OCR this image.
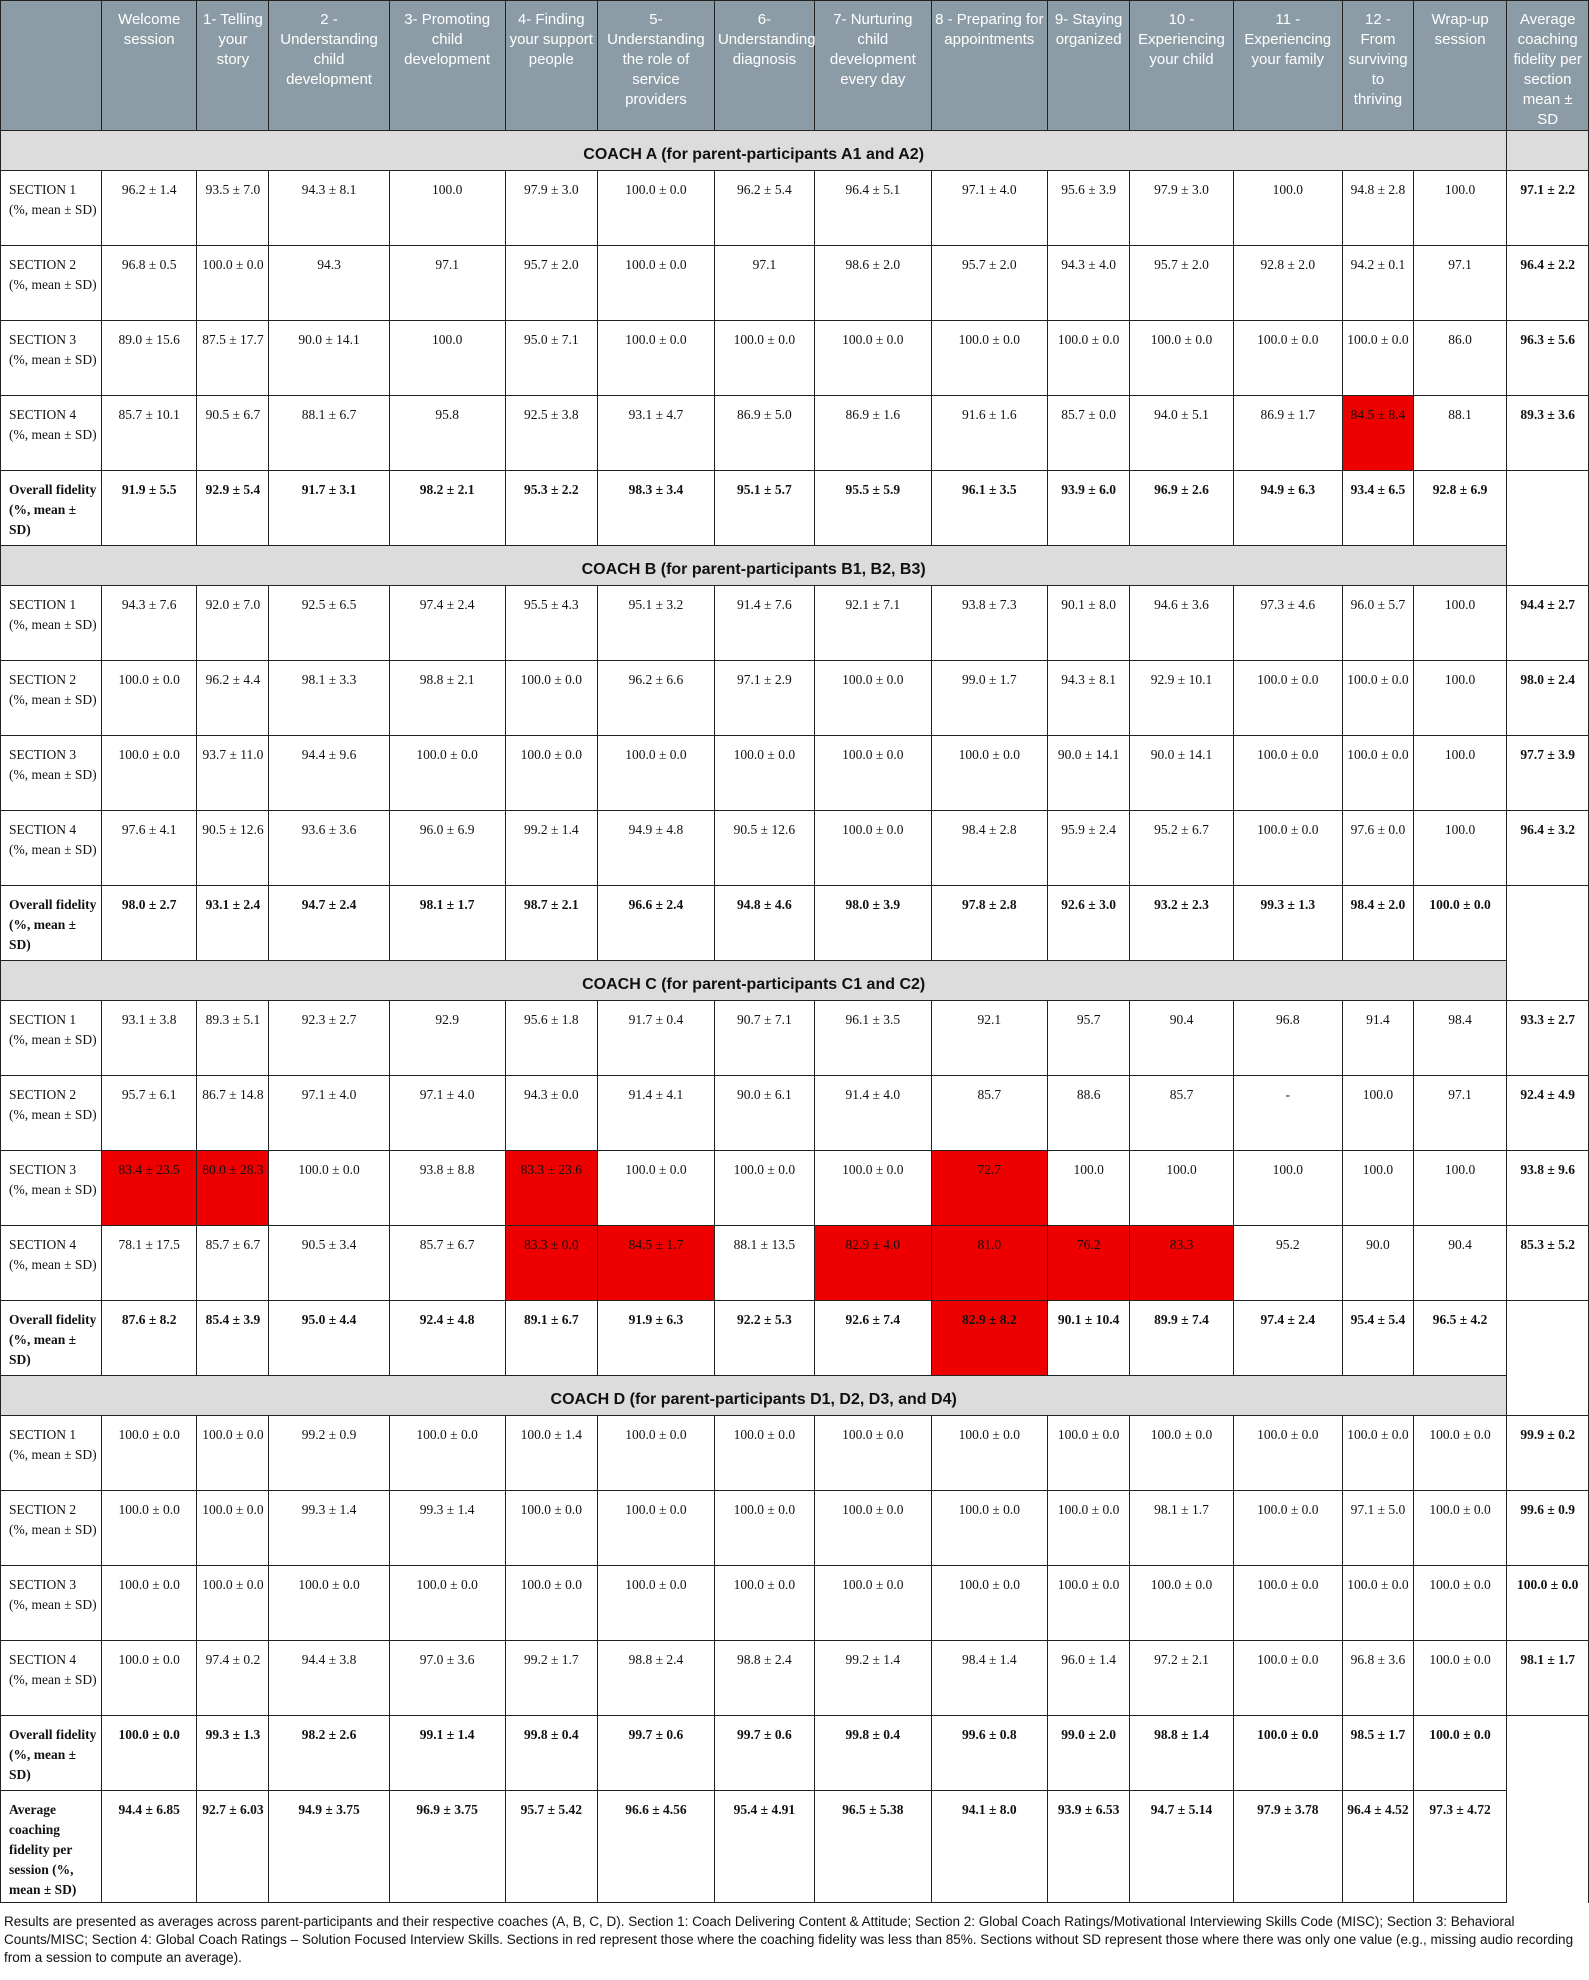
	Welcome session	1- Telling your story	2 - Understanding child development	3- Promoting child development	4- Finding your support people	5- Understanding the role of service providers	6- Understanding diagnosis	7- Nurturing child development every day	8 - Preparing for appointments	9- Staying organized	10 - Experiencing your child	11 - Experiencing your family	12 - From surviving to thriving	Wrap-up session	Average coaching fidelity per section mean ± SD
COACH A (for parent-participants A1 and A2)															
SECTION 1 (%, mean ± SD)	96.2 ± 1.4	93.5 ± 7.0	94.3 ± 8.1	100.0	97.9 ± 3.0	100.0 ± 0.0	96.2 ± 5.4	96.4 ± 5.1	97.1 ± 4.0	95.6 ± 3.9	97.9 ± 3.0	100.0	94.8 ± 2.8	100.0	97.1 ± 2.2
SECTION 2 (%, mean ± SD)	96.8 ± 0.5	100.0 ± 0.0	94.3	97.1	95.7 ± 2.0	100.0 ± 0.0	97.1	98.6 ± 2.0	95.7 ± 2.0	94.3 ± 4.0	95.7 ± 2.0	92.8 ± 2.0	94.2 ± 0.1	97.1	96.4 ± 2.2
SECTION 3 (%, mean ± SD)	89.0 ± 15.6	87.5 ± 17.7	90.0 ± 14.1	100.0	95.0 ± 7.1	100.0 ± 0.0	100.0 ± 0.0	100.0 ± 0.0	100.0 ± 0.0	100.0 ± 0.0	100.0 ± 0.0	100.0 ± 0.0	100.0 ± 0.0	86.0	96.3 ± 5.6
SECTION 4 (%, mean ± SD)	85.7 ± 10.1	90.5 ± 6.7	88.1 ± 6.7	95.8	92.5 ± 3.8	93.1 ± 4.7	86.9 ± 5.0	86.9 ± 1.6	91.6 ± 1.6	85.7 ± 0.0	94.0 ± 5.1	86.9 ± 1.7	84.5 ± 8.4	88.1	89.3 ± 3.6
Overall fidelity (%, mean ± SD)	91.9 ± 5.5	92.9 ± 5.4	91.7 ± 3.1	98.2 ± 2.1	95.3 ± 2.2	98.3 ± 3.4	95.1 ± 5.7	95.5 ± 5.9	96.1 ± 3.5	93.9 ± 6.0	96.9 ± 2.6	94.9 ± 6.3	93.4 ± 6.5	92.8 ± 6.9	
COACH B (for parent-participants B1, B2, B3)															
SECTION 1 (%, mean ± SD)	94.3 ± 7.6	92.0 ± 7.0	92.5 ± 6.5	97.4 ± 2.4	95.5 ± 4.3	95.1 ± 3.2	91.4 ± 7.6	92.1 ± 7.1	93.8 ± 7.3	90.1 ± 8.0	94.6 ± 3.6	97.3 ± 4.6	96.0 ± 5.7	100.0	94.4 ± 2.7
SECTION 2 (%, mean ± SD)	100.0 ± 0.0	96.2 ± 4.4	98.1 ± 3.3	98.8 ± 2.1	100.0 ± 0.0	96.2 ± 6.6	97.1 ± 2.9	100.0 ± 0.0	99.0 ± 1.7	94.3 ± 8.1	92.9 ± 10.1	100.0 ± 0.0	100.0 ± 0.0	100.0	98.0 ± 2.4
SECTION 3 (%, mean ± SD)	100.0 ± 0.0	93.7 ± 11.0	94.4 ± 9.6	100.0 ± 0.0	100.0 ± 0.0	100.0 ± 0.0	100.0 ± 0.0	100.0 ± 0.0	100.0 ± 0.0	90.0 ± 14.1	90.0 ± 14.1	100.0 ± 0.0	100.0 ± 0.0	100.0	97.7 ± 3.9
SECTION 4 (%, mean ± SD)	97.6 ± 4.1	90.5 ± 12.6	93.6 ± 3.6	96.0 ± 6.9	99.2 ± 1.4	94.9 ± 4.8	90.5 ± 12.6	100.0 ± 0.0	98.4 ± 2.8	95.9 ± 2.4	95.2 ± 6.7	100.0 ± 0.0	97.6 ± 0.0	100.0	96.4 ± 3.2
Overall fidelity (%, mean ± SD)	98.0 ± 2.7	93.1 ± 2.4	94.7 ± 2.4	98.1 ± 1.7	98.7 ± 2.1	96.6 ± 2.4	94.8 ± 4.6	98.0 ± 3.9	97.8 ± 2.8	92.6 ± 3.0	93.2 ± 2.3	99.3 ± 1.3	98.4 ± 2.0	100.0 ± 0.0	
COACH C (for parent-participants C1 and C2)															
SECTION 1 (%, mean ± SD)	93.1 ± 3.8	89.3 ± 5.1	92.3 ± 2.7	92.9	95.6 ± 1.8	91.7 ± 0.4	90.7 ± 7.1	96.1 ± 3.5	92.1	95.7	90.4	96.8	91.4	98.4	93.3 ± 2.7
SECTION 2 (%, mean ± SD)	95.7 ± 6.1	86.7 ± 14.8	97.1 ± 4.0	97.1 ± 4.0	94.3 ± 0.0	91.4 ± 4.1	90.0 ± 6.1	91.4 ± 4.0	85.7	88.6	85.7	-	100.0	97.1	92.4 ± 4.9
SECTION 3 (%, mean ± SD)	83.4 ± 23.5	80.0 ± 28.3	100.0 ± 0.0	93.8 ± 8.8	83.3 ± 23.6	100.0 ± 0.0	100.0 ± 0.0	100.0 ± 0.0	72.7	100.0	100.0	100.0	100.0	100.0	93.8 ± 9.6
SECTION 4 (%, mean ± SD)	78.1 ± 17.5	85.7 ± 6.7	90.5 ± 3.4	85.7 ± 6.7	83.3 ± 0.0	84.5 ± 1.7	88.1 ± 13.5	82.9 ± 4.0	81.0	76.2	83.3	95.2	90.0	90.4	85.3 ± 5.2
Overall fidelity (%, mean ± SD)	87.6 ± 8.2	85.4 ± 3.9	95.0 ± 4.4	92.4 ± 4.8	89.1 ± 6.7	91.9 ± 6.3	92.2 ± 5.3	92.6 ± 7.4	82.9 ± 8.2	90.1 ± 10.4	89.9 ± 7.4	97.4 ± 2.4	95.4 ± 5.4	96.5 ± 4.2	
COACH D (for parent-participants D1, D2, D3, and D4)															
SECTION 1 (%, mean ± SD)	100.0 ± 0.0	100.0 ± 0.0	99.2 ± 0.9	100.0 ± 0.0	100.0 ± 1.4	100.0 ± 0.0	100.0 ± 0.0	100.0 ± 0.0	100.0 ± 0.0	100.0 ± 0.0	100.0 ± 0.0	100.0 ± 0.0	100.0 ± 0.0	100.0 ± 0.0	99.9 ± 0.2
SECTION 2 (%, mean ± SD)	100.0 ± 0.0	100.0 ± 0.0	99.3 ± 1.4	99.3 ± 1.4	100.0 ± 0.0	100.0 ± 0.0	100.0 ± 0.0	100.0 ± 0.0	100.0 ± 0.0	100.0 ± 0.0	98.1 ± 1.7	100.0 ± 0.0	97.1 ± 5.0	100.0 ± 0.0	99.6 ± 0.9
SECTION 3 (%, mean ± SD)	100.0 ± 0.0	100.0 ± 0.0	100.0 ± 0.0	100.0 ± 0.0	100.0 ± 0.0	100.0 ± 0.0	100.0 ± 0.0	100.0 ± 0.0	100.0 ± 0.0	100.0 ± 0.0	100.0 ± 0.0	100.0 ± 0.0	100.0 ± 0.0	100.0 ± 0.0	100.0 ± 0.0
SECTION 4 (%, mean ± SD)	100.0 ± 0.0	97.4 ± 0.2	94.4 ± 3.8	97.0 ± 3.6	99.2 ± 1.7	98.8 ± 2.4	98.8 ± 2.4	99.2 ± 1.4	98.4 ± 1.4	96.0 ± 1.4	97.2 ± 2.1	100.0 ± 0.0	96.8 ± 3.6	100.0 ± 0.0	98.1 ± 1.7
Overall fidelity (%, mean ± SD)	100.0 ± 0.0	99.3 ± 1.3	98.2 ± 2.6	99.1 ± 1.4	99.8 ± 0.4	99.7 ± 0.6	99.7 ± 0.6	99.8 ± 0.4	99.6 ± 0.8	99.0 ± 2.0	98.8 ± 1.4	100.0 ± 0.0	98.5 ± 1.7	100.0 ± 0.0	
Average coaching fidelity per session (%, mean ± SD)	94.4 ± 6.85	92.7 ± 6.03	94.9 ± 3.75	96.9 ± 3.75	95.7 ± 5.42	96.6 ± 4.56	95.4 ± 4.91	96.5 ± 5.38	94.1 ± 8.0	93.9 ± 6.53	94.7 ± 5.14	97.9 ± 3.78	96.4 ± 4.52	97.3 ± 4.72	
Results are presented as averages across parent-participants and their respective coaches (A, B, C, D). Section 1: Coach Delivering Content & Attitude; Section 2: Global Coach Ratings/Motivational Interviewing Skills Code (MISC); Section 3: Behavioral Counts/MISC; Section 4: Global Coach Ratings – Solution Focused Interview Skills. Sections in red represent those where the coaching fidelity was less than 85%. Sections without SD represent those where there was only one value (e.g., missing audio recording from a session to compute an average).
